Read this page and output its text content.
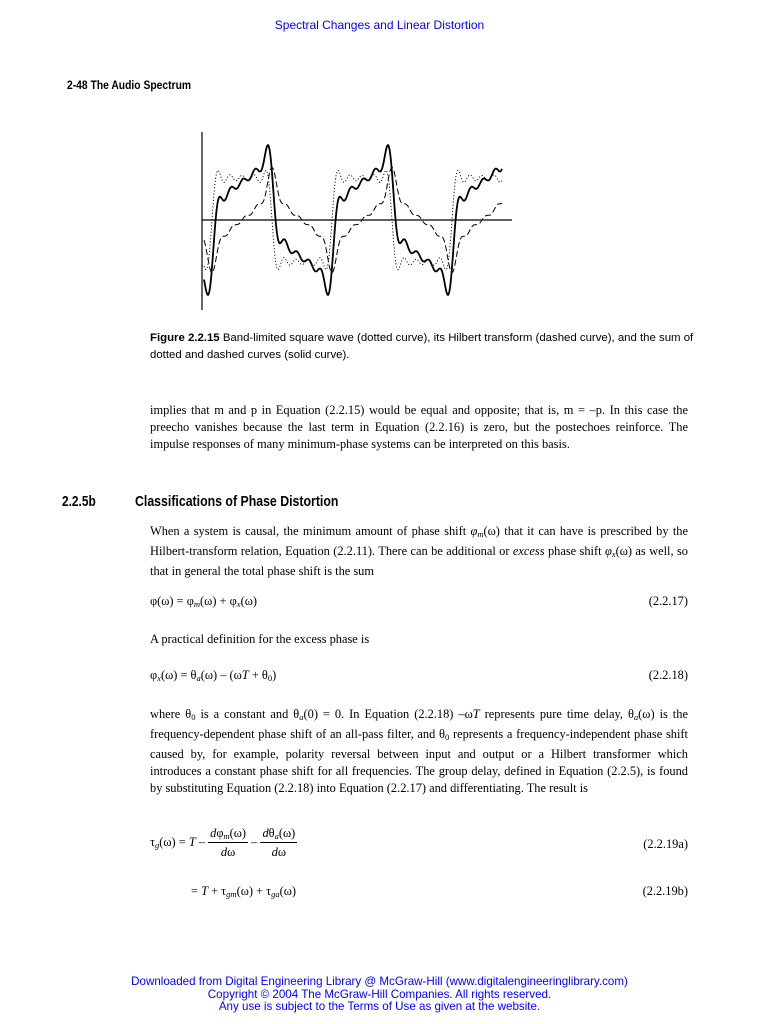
Spectral Changes and Linear Distortion
2-48 The Audio Spectrum
Figure 2.2.15 Band-limited square wave (dotted curve), its Hilbert transform (dashed curve), and the sum of dotted and dashed curves (solid curve).
implies that m and p in Equation (2.2.15) would be equal and opposite; that is, m = –p. In this case the preecho vanishes because the last term in Equation (2.2.16) is zero, but the postechoes reinforce. The impulse responses of many minimum-phase systems can be interpreted on this basis.
2.2.5b	Classifications of Phase Distortion
When a system is causal, the minimum amount of phase shift $\varphi_m(\omega)$ that it can have is prescribed by the Hilbert-transform relation, Equation (2.2.11). There can be additional or excess phase shift $\varphi_x(\omega)$ as well, so that in general the total phase shift is the sum
$\varphi(\omega) = \varphi_m(\omega) + \varphi_x(\omega)$	(2.2.17)
A practical definition for the excess phase is
$\varphi_x(\omega) = \theta_a(\omega) - (\omega T + \theta_0)$	(2.2.18)
where $\theta_0$ is a constant and $\theta_a(0) = 0$. In Equation (2.2.18) –ωT represents pure time delay, $\theta_a(\omega)$ is the frequency-dependent phase shift of an all-pass filter, and $\theta_0$ represents a frequency-independent phase shift caused by, for example, polarity reversal between input and output or a Hilbert transformer which introduces a constant phase shift for all frequencies. The group delay, defined in Equation (2.2.5), is found by substituting Equation (2.2.18) into Equation (2.2.17) and differentiating. The result is
$\tau_g(\omega) = T - \frac{d\varphi_m(\omega)}{d\omega} - \frac{d\theta_a(\omega)}{d\omega}$	(2.2.19a)
= $T + \tau_{gm}(\omega) + \tau_{ga}(\omega)$	(2.2.19b)
Downloaded from Digital Engineering Library @ McGraw-Hill (www.digitalengineeringlibrary.com)
Copyright © 2004 The McGraw-Hill Companies. All rights reserved.
Any use is subject to the Terms of Use as given at the website.
